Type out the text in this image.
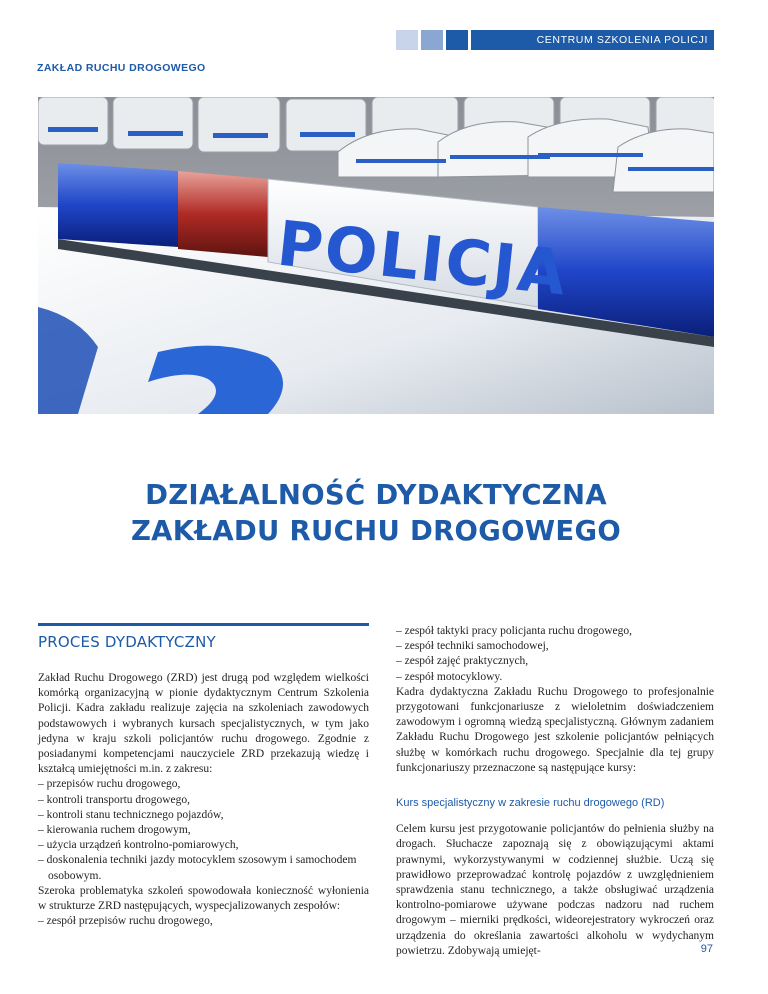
CENTRUM SZKOLENIA POLICJI
ZAKŁAD RUCHU DROGOWEGO
POLICJA
DZIAŁALNOŚĆ DYDAKTYCZNA
ZAKŁADU RUCHU DROGOWEGO
PROCES DYDAKTYCZNY

Zakład Ruchu Drogowego (ZRD) jest drugą pod względem wielkości komórką organizacyjną w pionie dydaktycznym Centrum Szkolenia Policji. Kadra zakładu realizuje zajęcia na szkoleniach zawodowych podstawowych i wybranych kursach specjalistycznych, w tym jako jedyna w kraju szkoli policjantów ruchu drogowego. Zgodnie z posiadanymi kompetencjami nauczyciele ZRD przekazują wiedzę i kształcą umiejętności m.in. z zakresu:

– przepisów ruchu drogowego,

– kontroli transportu drogowego,

– kontroli stanu technicznego pojazdów,

– kierowania ruchem drogowym,

– użycia urządzeń kontrolno-pomiarowych,

– doskonalenia techniki jazdy motocyklem szosowym i samochodem osobowym.

Szeroka problematyka szkoleń spowodowała konieczność wyłonienia w strukturze ZRD następujących, wyspecjalizowanych zespołów:

– zespół przepisów ruchu drogowego,

– zespół taktyki pracy policjanta ruchu drogowego,

– zespół techniki samochodowej,

– zespół zajęć praktycznych,

– zespół motocyklowy.

Kadra dydaktyczna Zakładu Ruchu Drogowego to profesjonalnie przygotowani funkcjonariusze z wieloletnim doświadczeniem zawodowym i ogromną wiedzą specjalistyczną. Głównym zadaniem Zakładu Ruchu Drogowego jest szkolenie policjantów pełniących służbę w komórkach ruchu drogowego. Specjalnie dla tej grupy funkcjonariuszy przeznaczone są następujące kursy:

Kurs specjalistyczny w zakresie ruchu drogowego (RD)

Celem kursu jest przygotowanie policjantów do pełnienia służby na drogach. Słuchacze zapoznają się z obowiązującymi aktami prawnymi, wykorzystywanymi w codziennej służbie. Uczą się prawidłowo przeprowadzać kontrolę pojazdów z uwzględnieniem sprawdzenia stanu technicznego, a także obsługiwać urządzenia kontrolno-pomiarowe używane podczas nadzoru nad ruchem drogowym – mierniki prędkości, wideorejestratory wykroczeń oraz urządzenia do określania zawartości alkoholu w wydychanym powietrzu. Zdobywają umiejęt-	97
